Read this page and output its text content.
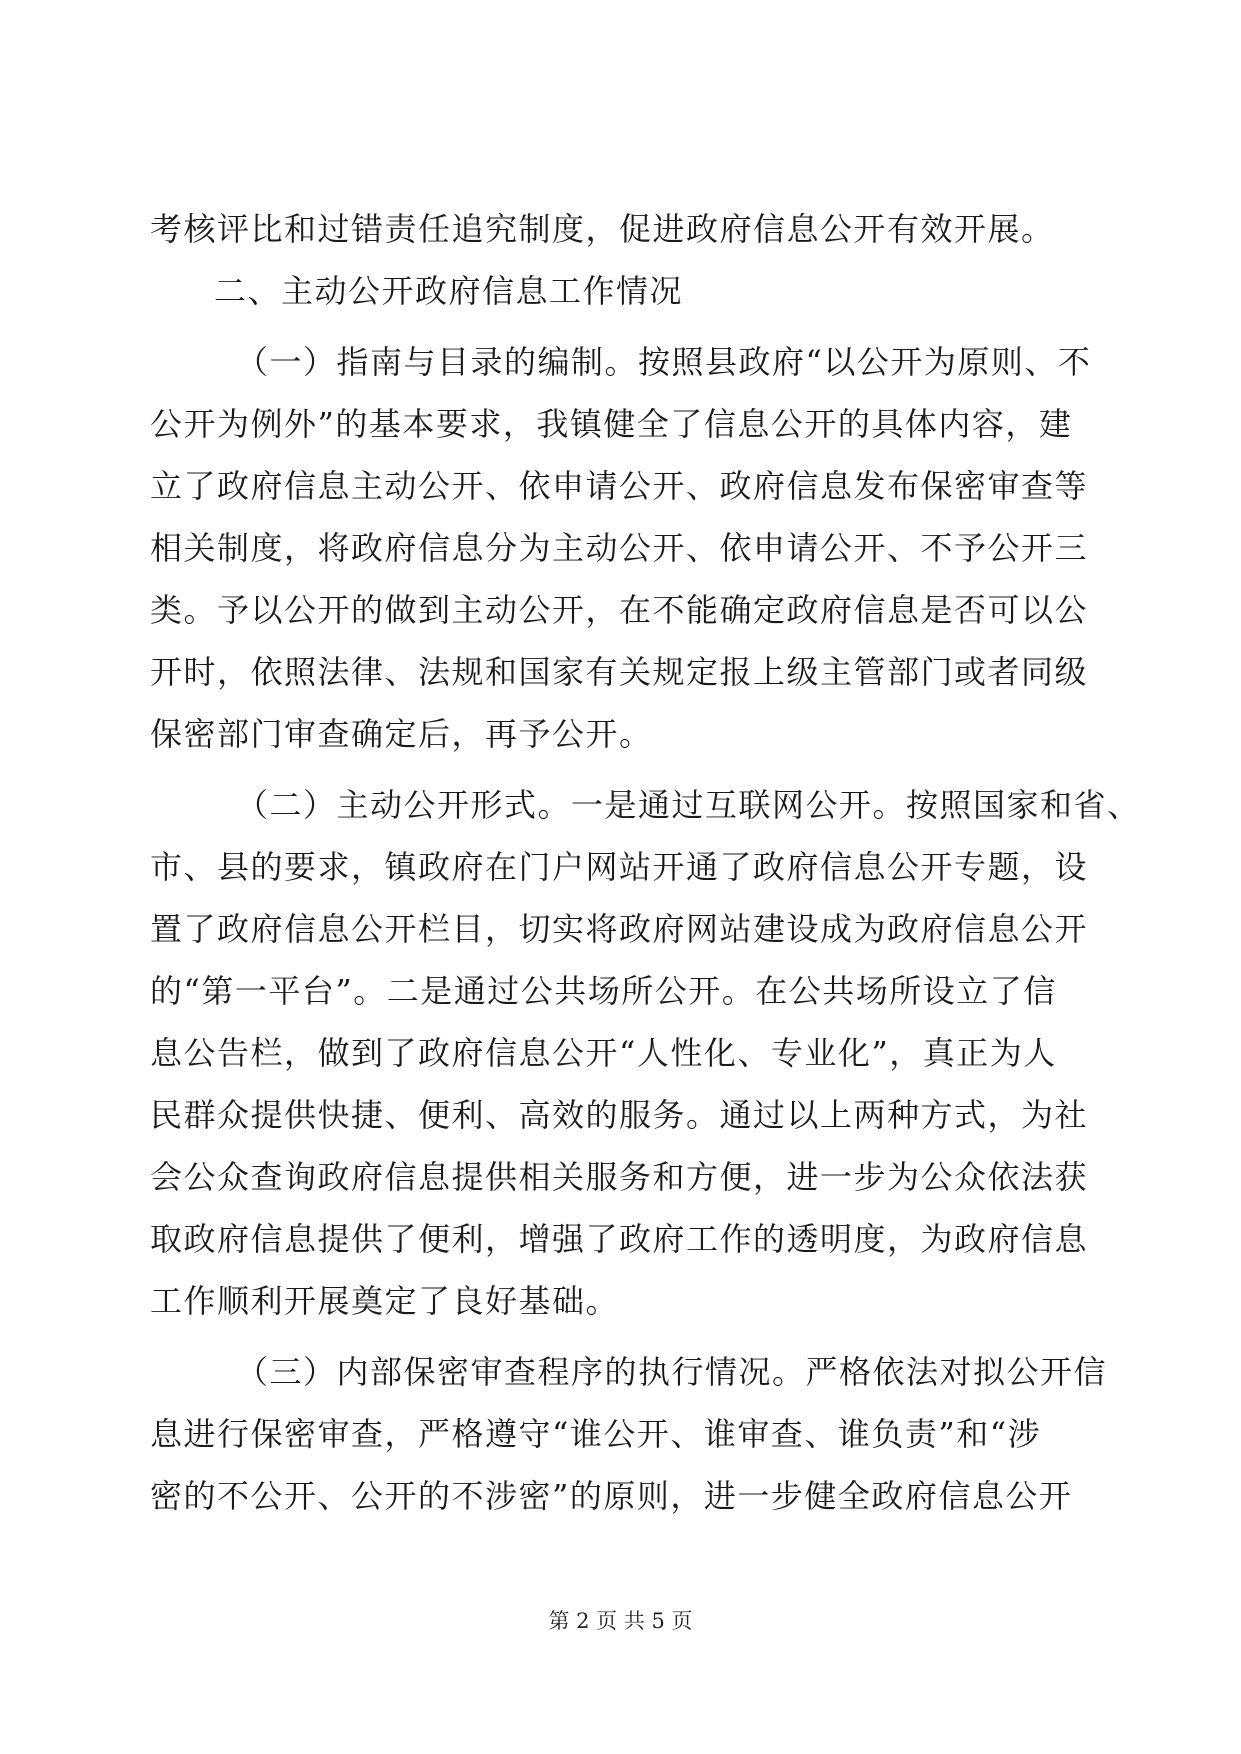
考核评比和过错责任追究制度，促进政府信息公开有效开展。
二、主动公开政府信息工作情况
（一）指南与目录的编制。按照县政府“以公开为原则、不
公开为例外”的基本要求，我镇健全了信息公开的具体内容，建
立了政府信息主动公开、依申请公开、政府信息发布保密审查等
相关制度，将政府信息分为主动公开、依申请公开、不予公开三
类。予以公开的做到主动公开，在不能确定政府信息是否可以公
开时，依照法律、法规和国家有关规定报上级主管部门或者同级
保密部门审查确定后，再予公开。
（二）主动公开形式。一是通过互联网公开。按照国家和省、
市、县的要求，镇政府在门户网站开通了政府信息公开专题，设
置了政府信息公开栏目，切实将政府网站建设成为政府信息公开
的“第一平台”。二是通过公共场所公开。在公共场所设立了信
息公告栏，做到了政府信息公开“人性化、专业化”，真正为人
民群众提供快捷、便利、高效的服务。通过以上两种方式，为社
会公众查询政府信息提供相关服务和方便，进一步为公众依法获
取政府信息提供了便利，增强了政府工作的透明度，为政府信息
工作顺利开展奠定了良好基础。
（三）内部保密审查程序的执行情况。严格依法对拟公开信
息进行保密审查，严格遵守“谁公开、谁审查、谁负责”和“涉
密的不公开、公开的不涉密”的原则，进一步健全政府信息公开
第 2 页 共 5 页
